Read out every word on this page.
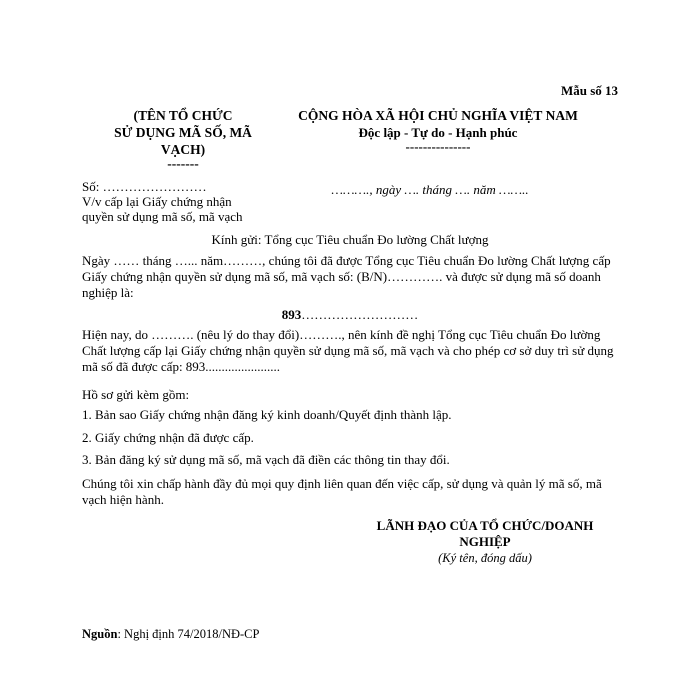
Mẫu số 13
(TÊN TỔ CHỨC
SỬ DỤNG MÃ SỐ, MÃ
VẠCH)
-------
CỘNG HÒA XÃ HỘI CHỦ NGHĨA VIỆT NAM
Độc lập - Tự do - Hạnh phúc
---------------
Số: ……………………
V/v cấp lại Giấy chứng nhận
quyền sử dụng mã số, mã vạch
………., ngày …. tháng …. năm ……..
Kính gửi: Tổng cục Tiêu chuẩn Đo lường Chất lượng
Ngày …… tháng …... năm………, chúng tôi đã được Tổng cục Tiêu chuẩn Đo lường Chất lượng cấp Giấy chứng nhận quyền sử dụng mã số, mã vạch số: (B/N)…………. và được sử dụng mã số doanh nghiệp là:
893………………………
Hiện nay, do ………. (nêu lý do thay đổi)………., nên kính đề nghị Tổng cục Tiêu chuẩn Đo lường Chất lượng cấp lại Giấy chứng nhận quyền sử dụng mã số, mã vạch và cho phép cơ sở duy trì sử dụng mã số đã được cấp: 893.......................
Hồ sơ gửi kèm gồm:
1. Bản sao Giấy chứng nhận đăng ký kinh doanh/Quyết định thành lập.
2. Giấy chứng nhận đã được cấp.
3. Bản đăng ký sử dụng mã số, mã vạch đã điền các thông tin thay đổi.
Chúng tôi xin chấp hành đầy đủ mọi quy định liên quan đến việc cấp, sử dụng và quản lý mã số, mã vạch hiện hành.
LÃNH ĐẠO CỦA TỔ CHỨC/DOANH
NGHIỆP
(Ký tên, đóng dấu)
Nguồn: Nghị định 74/2018/NĐ-CP
